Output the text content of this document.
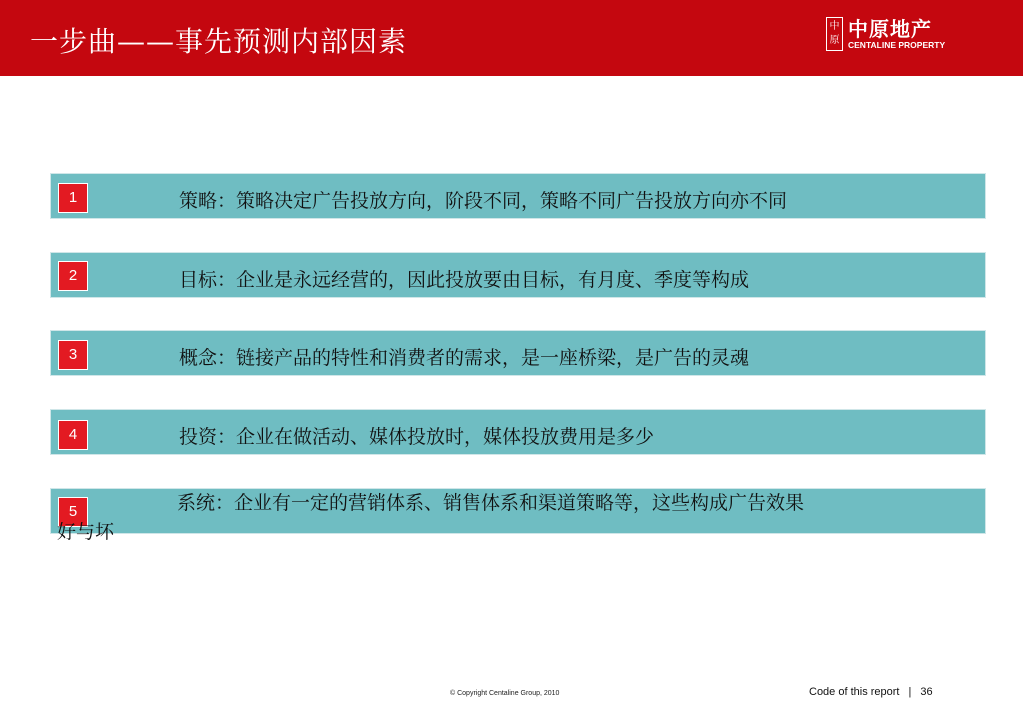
一步曲——事先预测内部因素	中
原 中原地产
CENTALINE PROPERTY
1	策略：策略决定广告投放方向，阶段不同，策略不同广告投放方向亦不同
2	目标：企业是永远经营的，因此投放要由目标，有月度、季度等构成
3	概念：链接产品的特性和消费者的需求，是一座桥梁，是广告的灵魂
4	投资：企业在做活动、媒体投放时，媒体投放费用是多少
5	系统：企业有一定的营销体系、销售体系和渠道策略等，这些构成广告效果
好与坏
© Copyright Centaline Group, 2010	Code of this report | 36
